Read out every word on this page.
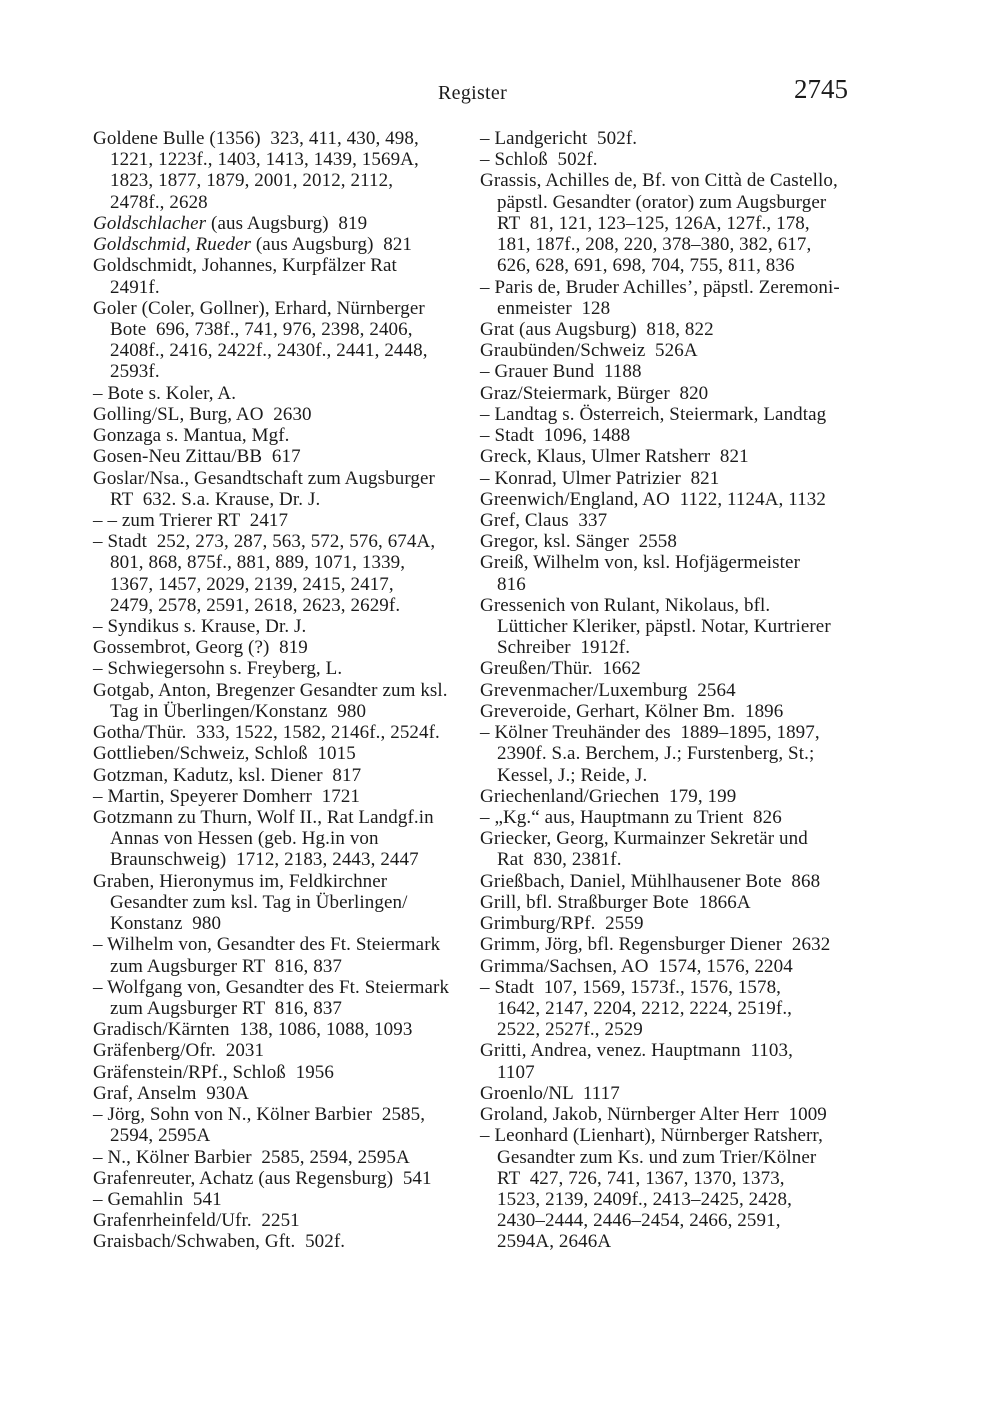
Register	2745
Goldene Bulle (1356)  323, 411, 430, 498,
1221, 1223f., 1403, 1413, 1439, 1569A,
1823, 1877, 1879, 2001, 2012, 2112,
2478f., 2628
Goldschlacher (aus Augsburg)  819
Goldschmid, Rueder (aus Augsburg)  821
Goldschmidt, Johannes, Kurpfälzer Rat
2491f.
Goler (Coler, Gollner), Erhard, Nürnberger
Bote  696, 738f., 741, 976, 2398, 2406,
2408f., 2416, 2422f., 2430f., 2441, 2448,
2593f.
– Bote s. Koler, A.
Golling/SL, Burg, AO  2630
Gonzaga s. Mantua, Mgf.
Gosen-Neu Zittau/BB  617
Goslar/Nsa., Gesandtschaft zum Augsburger
RT  632. S.a. Krause, Dr. J.
– – zum Trierer RT  2417
– Stadt  252, 273, 287, 563, 572, 576, 674A,
801, 868, 875f., 881, 889, 1071, 1339,
1367, 1457, 2029, 2139, 2415, 2417,
2479, 2578, 2591, 2618, 2623, 2629f.
– Syndikus s. Krause, Dr. J.
Gossembrot, Georg (?)  819
– Schwiegersohn s. Freyberg, L.
Gotgab, Anton, Bregenzer Gesandter zum ksl.
Tag in Überlingen/Konstanz  980
Gotha/Thür.  333, 1522, 1582, 2146f., 2524f.
Gottlieben/Schweiz, Schloß  1015
Gotzman, Kadutz, ksl. Diener  817
– Martin, Speyerer Domherr  1721
Gotzmann zu Thurn, Wolf II., Rat Landgf.in
Annas von Hessen (geb. Hg.in von
Braunschweig)  1712, 2183, 2443, 2447
Graben, Hieronymus im, Feldkirchner
Gesandter zum ksl. Tag in Überlingen/
Konstanz  980
– Wilhelm von, Gesandter des Ft. Steiermark
zum Augsburger RT  816, 837
– Wolfgang von, Gesandter des Ft. Steiermark
zum Augsburger RT  816, 837
Gradisch/Kärnten  138, 1086, 1088, 1093
Gräfenberg/Ofr.  2031
Gräfenstein/RPf., Schloß  1956
Graf, Anselm  930A
– Jörg, Sohn von N., Kölner Barbier  2585,
2594, 2595A
– N., Kölner Barbier  2585, 2594, 2595A
Grafenreuter, Achatz (aus Regensburg)  541
– Gemahlin  541
Grafenrheinfeld/Ufr.  2251
Graisbach/Schwaben, Gft.  502f.
– Landgericht  502f.
– Schloß  502f.
Grassis, Achilles de, Bf. von Città de Castello,
päpstl. Gesandter (orator) zum Augsburger
RT  81, 121, 123–125, 126A, 127f., 178,
181, 187f., 208, 220, 378–380, 382, 617,
626, 628, 691, 698, 704, 755, 811, 836
– Paris de, Bruder Achilles’, päpstl. Zeremoni-
enmeister  128
Grat (aus Augsburg)  818, 822
Graubünden/Schweiz  526A
– Grauer Bund  1188
Graz/Steiermark, Bürger  820
– Landtag s. Österreich, Steiermark, Landtag
– Stadt  1096, 1488
Greck, Klaus, Ulmer Ratsherr  821
– Konrad, Ulmer Patrizier  821
Greenwich/England, AO  1122, 1124A, 1132
Gref, Claus  337
Gregor, ksl. Sänger  2558
Greiß, Wilhelm von, ksl. Hofjägermeister
816
Gressenich von Rulant, Nikolaus, bfl.
Lütticher Kleriker, päpstl. Notar, Kurtrierer
Schreiber  1912f.
Greußen/Thür.  1662
Grevenmacher/Luxemburg  2564
Greveroide, Gerhart, Kölner Bm.  1896
– Kölner Treuhänder des  1889–1895, 1897,
2390f. S.a. Berchem, J.; Furstenberg, St.;
Kessel, J.; Reide, J.
Griechenland/Griechen  179, 199
– „Kg.“ aus, Hauptmann zu Trient  826
Griecker, Georg, Kurmainzer Sekretär und
Rat  830, 2381f.
Grießbach, Daniel, Mühlhausener Bote  868
Grill, bfl. Straßburger Bote  1866A
Grimburg/RPf.  2559
Grimm, Jörg, bfl. Regensburger Diener  2632
Grimma/Sachsen, AO  1574, 1576, 2204
– Stadt  107, 1569, 1573f., 1576, 1578,
1642, 2147, 2204, 2212, 2224, 2519f.,
2522, 2527f., 2529
Gritti, Andrea, venez. Hauptmann  1103,
1107
Groenlo/NL  1117
Groland, Jakob, Nürnberger Alter Herr  1009
– Leonhard (Lienhart), Nürnberger Ratsherr,
Gesandter zum Ks. und zum Trier/Kölner
RT  427, 726, 741, 1367, 1370, 1373,
1523, 2139, 2409f., 2413–2425, 2428,
2430–2444, 2446–2454, 2466, 2591,
2594A, 2646A
